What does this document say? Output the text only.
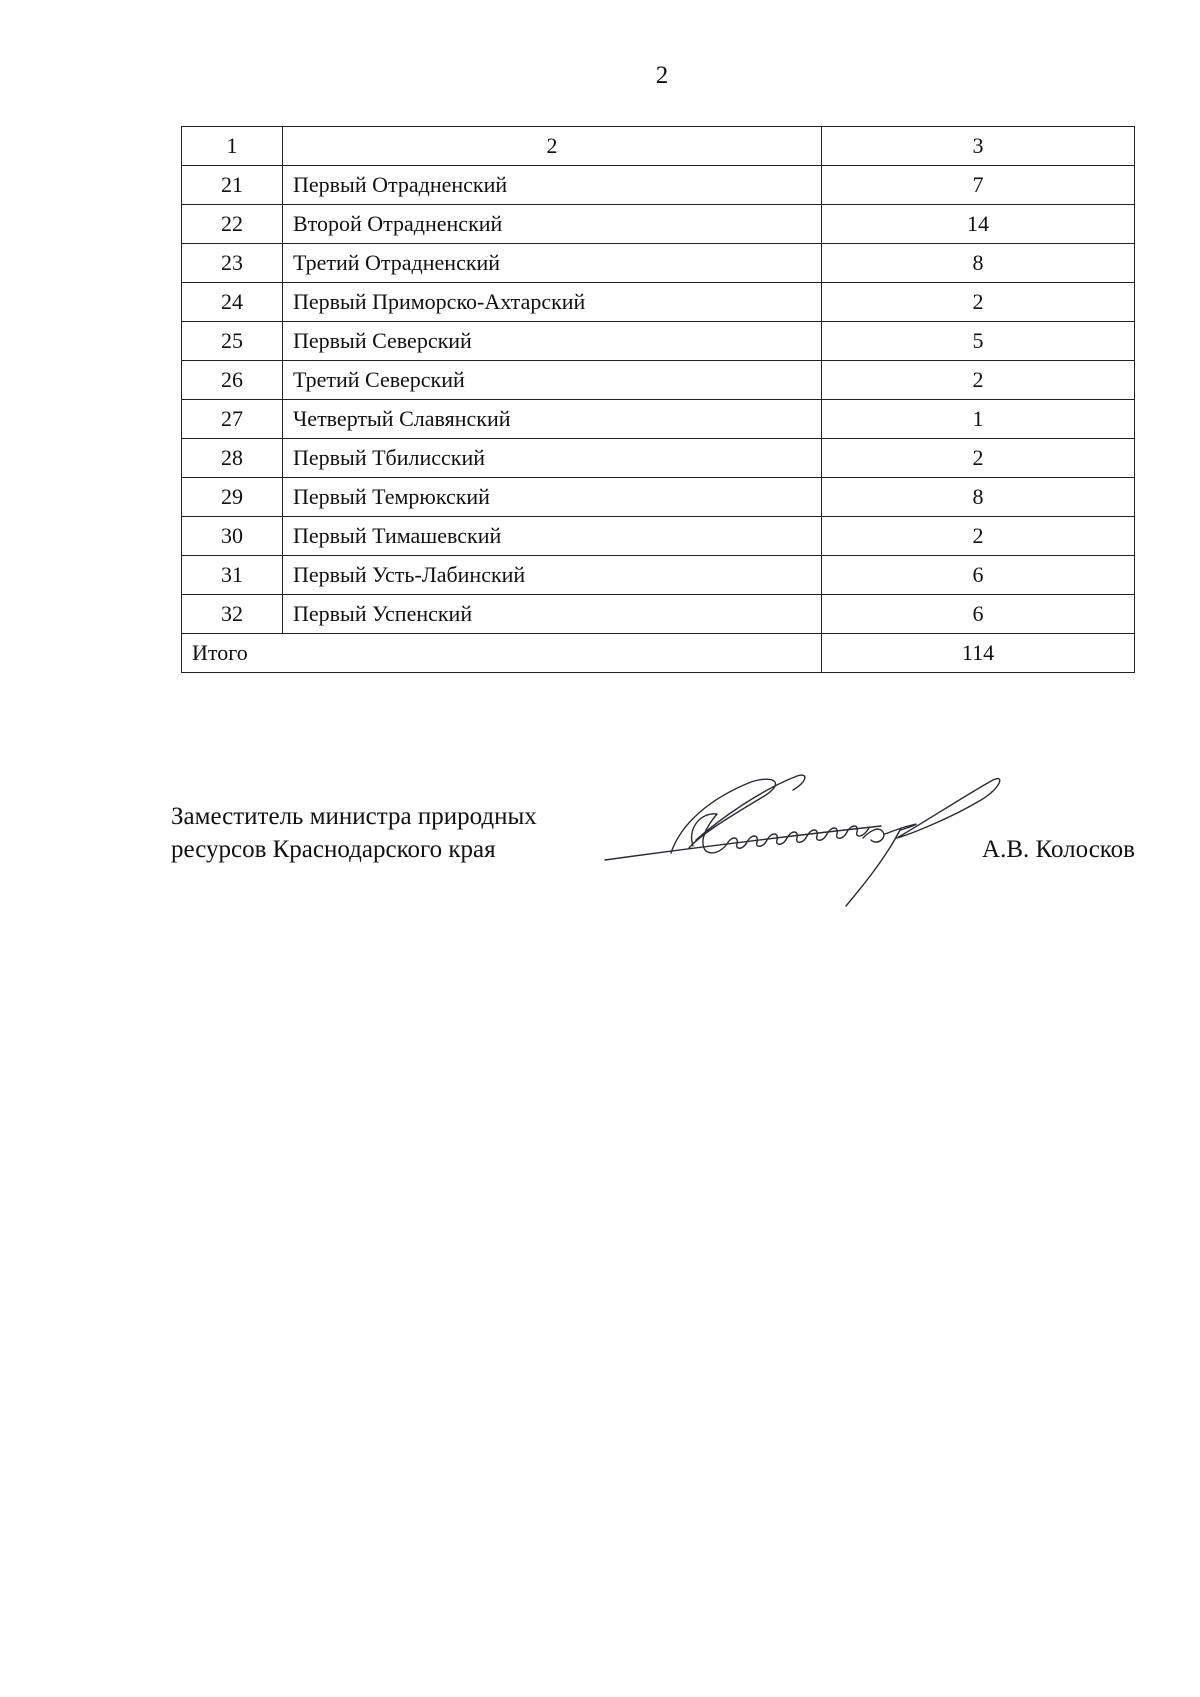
2
1	2	3
21	Первый Отрадненский	7
22	Второй Отрадненский	14
23	Третий Отрадненский	8
24	Первый Приморско-Ахтарский	2
25	Первый Северский	5
26	Третий Северский	2
27	Четвертый Славянский	1
28	Первый Тбилисский	2
29	Первый Темрюкский	8
30	Первый Тимашевский	2
31	Первый Усть-Лабинский	6
32	Первый Успенский	6
Итого		114
Заместитель министра природных
ресурсов Краснодарского края	А.В. Колосков
